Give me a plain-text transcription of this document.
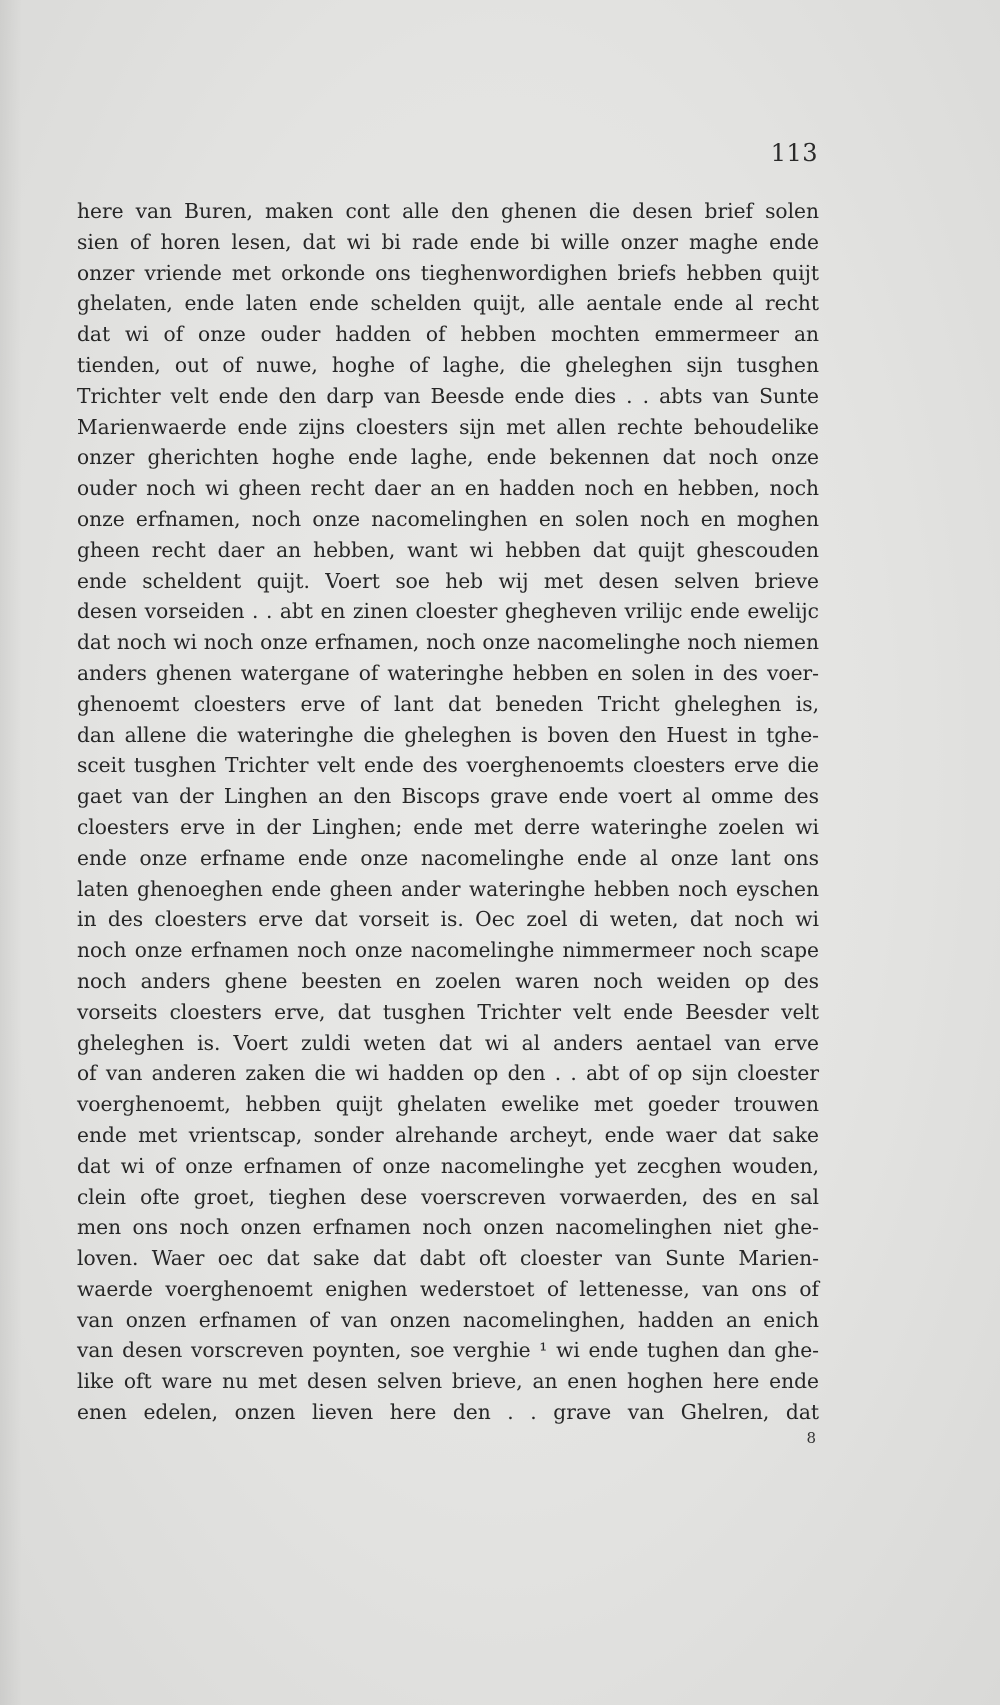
113
here van Buren, maken cont alle den ghenen die desen brief solen
sien of horen lesen, dat wi bi rade ende bi wille onzer maghe ende
onzer vriende met orkonde ons tieghenwordighen briefs hebben quijt
ghelaten, ende laten ende schelden quijt, alle aentale ende al recht
dat wi of onze ouder hadden of hebben mochten emmermeer an
tienden, out of nuwe, hoghe of laghe, die gheleghen sijn tusghen
Trichter velt ende den darp van Beesde ende dies . . abts van Sunte
Marienwaerde ende zijns cloesters sijn met allen rechte behoudelike
onzer gherichten hoghe ende laghe, ende bekennen dat noch onze
ouder noch wi gheen recht daer an en hadden noch en hebben, noch
onze erfnamen, noch onze nacomelinghen en solen noch en moghen
gheen recht daer an hebben, want wi hebben dat quijt ghescouden
ende scheldent quijt. Voert soe heb wij met desen selven brieve
desen vorseiden . . abt en zinen cloester ghegheven vrilijc ende ewelijc
dat noch wi noch onze erfnamen, noch onze nacomelinghe noch niemen
anders ghenen watergane of wateringhe hebben en solen in des voer-
ghenoemt cloesters erve of lant dat beneden Tricht gheleghen is,
dan allene die wateringhe die gheleghen is boven den Huest in tghe-
sceit tusghen Trichter velt ende des voerghenoemts cloesters erve die
gaet van der Linghen an den Biscops grave ende voert al omme des
cloesters erve in der Linghen; ende met derre wateringhe zoelen wi
ende onze erfname ende onze nacomelinghe ende al onze lant ons
laten ghenoeghen ende gheen ander wateringhe hebben noch eyschen
in des cloesters erve dat vorseit is. Oec zoel di weten, dat noch wi
noch onze erfnamen noch onze nacomelinghe nimmermeer noch scape
noch anders ghene beesten en zoelen waren noch weiden op des
vorseits cloesters erve, dat tusghen Trichter velt ende Beesder velt
gheleghen is. Voert zuldi weten dat wi al anders aentael van erve
of van anderen zaken die wi hadden op den . . abt of op sijn cloester
voerghenoemt, hebben quijt ghelaten ewelike met goeder trouwen
ende met vrientscap, sonder alrehande archeyt, ende waer dat sake
dat wi of onze erfnamen of onze nacomelinghe yet zecghen wouden,
clein ofte groet, tieghen dese voerscreven vorwaerden, des en sal
men ons noch onzen erfnamen noch onzen nacomelinghen niet ghe-
loven. Waer oec dat sake dat dabt oft cloester van Sunte Marien-
waerde voerghenoemt enighen wederstoet of lettenesse, van ons of
van onzen erfnamen of van onzen nacomelinghen, hadden an enich
van desen vorscreven poynten, soe verghie ¹ wi ende tughen dan ghe-
like oft ware nu met desen selven brieve, an enen hoghen here ende
enen edelen, onzen lieven here den . . grave van Ghelren, dat
8
